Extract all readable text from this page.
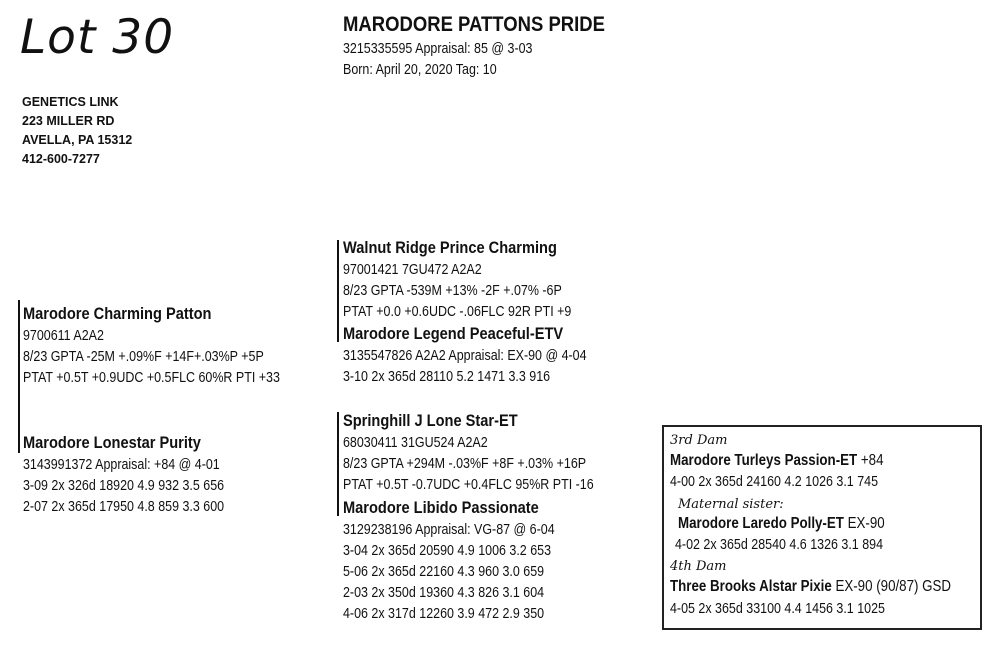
Lot 30
GENETICS LINK
223 MILLER RD
AVELLA, PA 15312
412-600-7277
MARODORE PATTONS PRIDE
3215335595 Appraisal: 85 @ 3-03
Born: April 20, 2020 Tag: 10
Marodore Charming Patton
9700611 A2A2
8/23 GPTA -25M +.09%F +14F+.03%P +5P
PTAT +0.5T +0.9UDC +0.5FLC 60%R PTI +33
Marodore Lonestar Purity
3143991372 Appraisal: +84 @ 4-01
3-09 2x 326d 18920 4.9 932 3.5 656
2-07 2x 365d 17950 4.8 859 3.3 600
Walnut Ridge Prince Charming
97001421 7GU472 A2A2
8/23 GPTA -539M +13% -2F +.07% -6P
PTAT +0.0 +0.6UDC -.06FLC 92R PTI +9
Marodore Legend Peaceful-ETV
3135547826 A2A2 Appraisal: EX-90 @ 4-04
3-10 2x 365d 28110 5.2 1471 3.3 916
Springhill J Lone Star-ET
68030411 31GU524 A2A2
8/23 GPTA +294M -.03%F +8F +.03% +16P
PTAT +0.5T -0.7UDC +0.4FLC 95%R PTI -16
Marodore Libido Passionate
3129238196 Appraisal: VG-87 @ 6-04
3-04 2x 365d 20590 4.9 1006 3.2 653
5-06 2x 365d 22160 4.3 960 3.0 659
2-03 2x 350d 19360 4.3 826 3.1 604
4-06 2x 317d 12260 3.9 472 2.9 350
3rd Dam
Marodore Turleys Passion-ET +84
4-00 2x 365d 24160 4.2 1026 3.1 745
Maternal sister:
Marodore Laredo Polly-ET EX-90
4-02 2x 365d 28540 4.6 1326 3.1 894
4th Dam
Three Brooks Alstar Pixie EX-90 (90/87) GSD
4-05 2x 365d 33100 4.4 1456 3.1 1025
